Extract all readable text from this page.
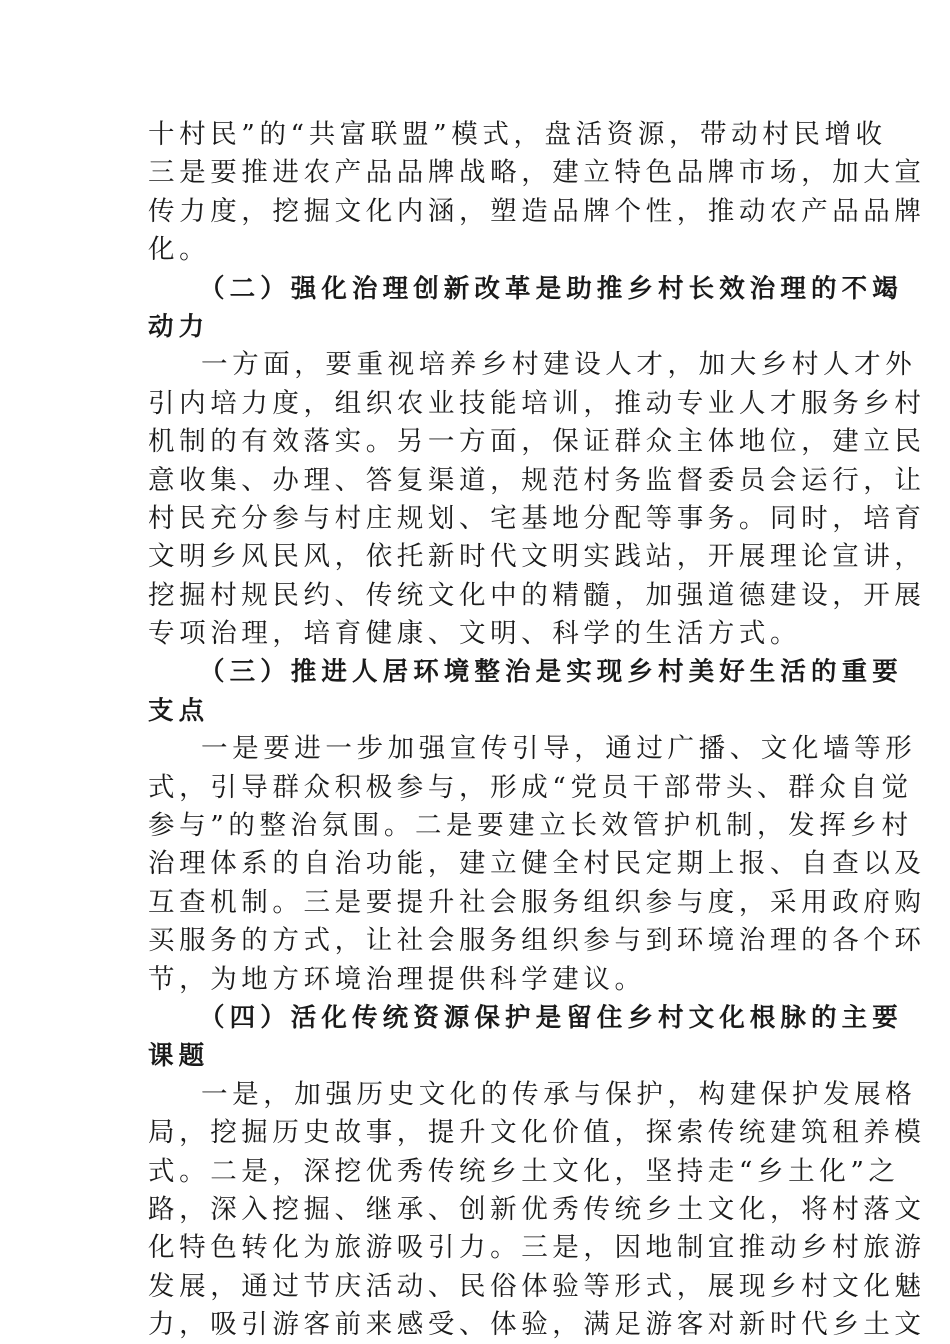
十村民”的“共富联盟”模式，盘活资源，带动村民增收
三是要推进农产品品牌战略，建立特色品牌市场，加大宣
传力度，挖掘文化内涵，塑造品牌个性，推动农产品品牌
化。
（二）强化治理创新改革是助推乡村长效治理的不竭
动力
一方面，要重视培养乡村建设人才，加大乡村人才外
引内培力度，组织农业技能培训，推动专业人才服务乡村
机制的有效落实。另一方面，保证群众主体地位，建立民
意收集、办理、答复渠道，规范村务监督委员会运行，让
村民充分参与村庄规划、宅基地分配等事务。同时，培育
文明乡风民风，依托新时代文明实践站，开展理论宣讲，
挖掘村规民约、传统文化中的精髓，加强道德建设，开展
专项治理，培育健康、文明、科学的生活方式。
（三）推进人居环境整治是实现乡村美好生活的重要
支点
一是要进一步加强宣传引导，通过广播、文化墙等形
式，引导群众积极参与，形成“党员干部带头、群众自觉
参与”的整治氛围。二是要建立长效管护机制，发挥乡村
治理体系的自治功能，建立健全村民定期上报、自查以及
互查机制。三是要提升社会服务组织参与度，采用政府购
买服务的方式，让社会服务组织参与到环境治理的各个环
节，为地方环境治理提供科学建议。
（四）活化传统资源保护是留住乡村文化根脉的主要
课题
一是，加强历史文化的传承与保护，构建保护发展格
局，挖掘历史故事，提升文化价值，探索传统建筑租养模
式。二是，深挖优秀传统乡土文化，坚持走“乡土化”之
路，深入挖掘、继承、创新优秀传统乡土文化，将村落文
化特色转化为旅游吸引力。三是，因地制宜推动乡村旅游
发展，通过节庆活动、民俗体验等形式，展现乡村文化魅
力，吸引游客前来感受、体验，满足游客对新时代乡土文
